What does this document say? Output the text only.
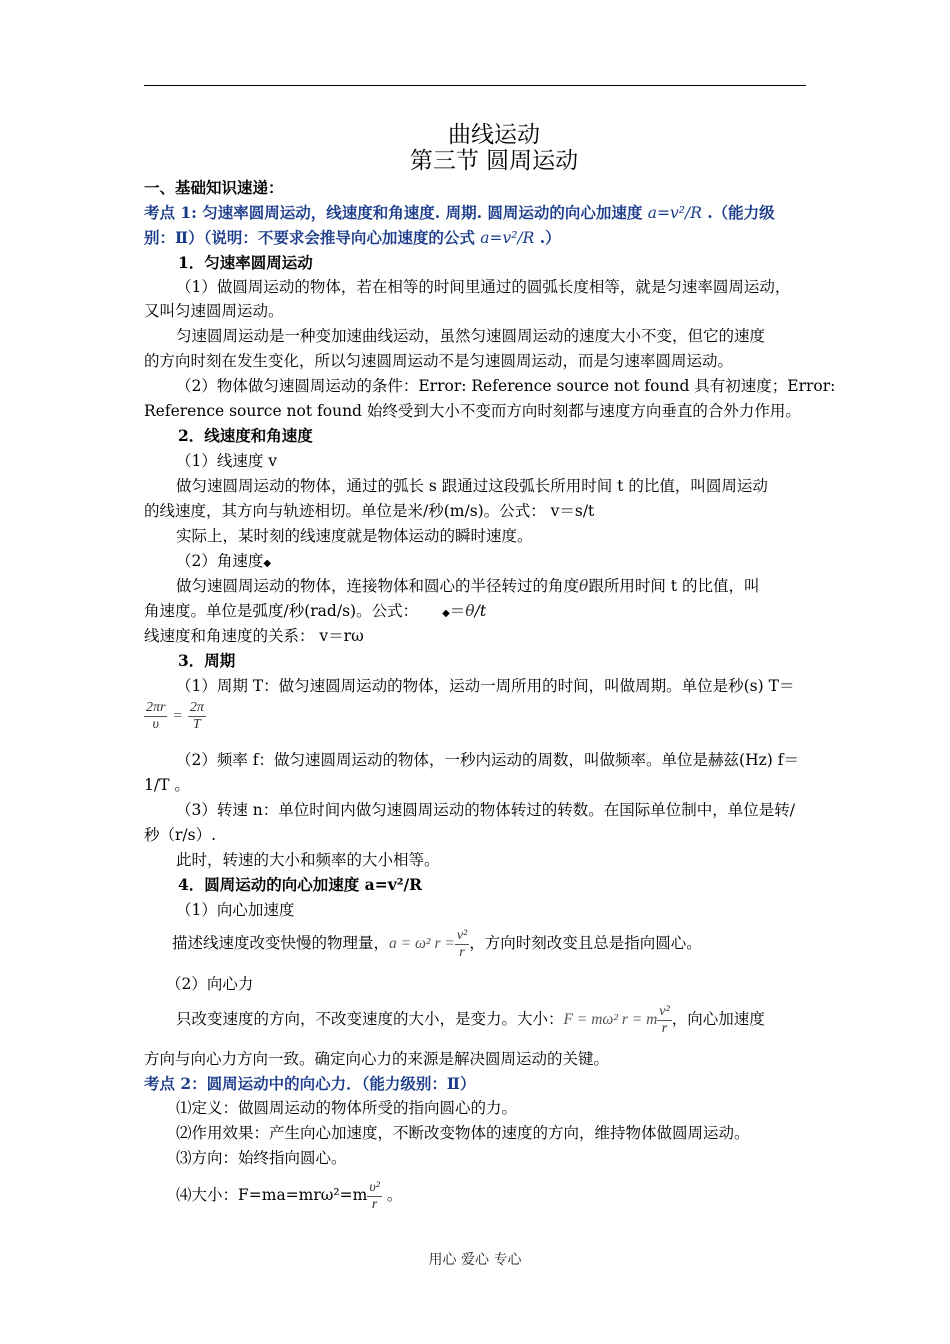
曲线运动
第三节 圆周运动
一、基础知识速递：
考点 1: 匀速率圆周运动，线速度和角速度. 周期. 圆周运动的向心加速度 a=v²/R .（能力级
别：Ⅱ）（说明：不要求会推导向心加速度的公式 a=v²/R .）
1．匀速率圆周运动
（1）做圆周运动的物体，若在相等的时间里通过的圆弧长度相等，就是匀速率圆周运动，
又叫匀速圆周运动。
匀速圆周运动是一种变加速曲线运动，虽然匀速圆周运动的速度大小不变，但它的速度
的方向时刻在发生变化，所以匀速圆周运动不是匀速圆周运动，而是匀速率圆周运动。
（2）物体做匀速圆周运动的条件：Error: Reference source not found 具有初速度；Error:
Reference source not found 始终受到大小不变而方向时刻都与速度方向垂直的合外力作用。
2．线速度和角速度
（1）线速度 v
做匀速圆周运动的物体，通过的弧长 s 跟通过这段弧长所用时间 t 的比值，叫圆周运动
的线速度，其方向与轨迹相切。单位是米/秒(m/s)。公式： v＝s/t
实际上，某时刻的线速度就是物体运动的瞬时速度。
（2）角速度◆
做匀速圆周运动的物体，连接物体和圆心的半径转过的角度θ跟所用时间 t 的比值，叫
角速度。单位是弧度/秒(rad/s)。公式： ◆＝θ/t
线速度和角速度的关系： v＝rω
3．周期
（1）周期 T：做匀速圆周运动的物体，运动一周所用的时间，叫做周期。单位是秒(s) T＝
$\frac{2\pi r}{\upsilon} = \frac{2\pi}{T}$
（2）频率 f：做匀速圆周运动的物体，一秒内运动的周数，叫做频率。单位是赫兹(Hz) f＝
1/T 。
（3）转速 n：单位时间内做匀速圆周运动的物体转过的转数。在国际单位制中，单位是转/
秒（r/s）.
此时，转速的大小和频率的大小相等。
4．圆周运动的向心加速度 a=v²/R
（1）向心加速度
描述线速度改变快慢的物理量，a = ω² $r = \frac{\text{v²}}{r}$ ，方向时刻改变且总是指向圆心。
（2）向心力
只改变速度的方向，不改变速度的大小，是变力。大小：F = mω² r = m $\frac{\text{v²}}{r}$ ，向心加速度
方向与向心力方向一致。确定向心力的来源是解决圆周运动的关键。
考点 2：圆周运动中的向心力．（能力级别：Ⅱ）
⑴定义：做圆周运动的物体所受的指向圆心的力。
⑵作用效果：产生向心加速度，不断改变物体的速度的方向，维持物体做圆周运动。
⑶方向：始终指向圆心。
⑷大小：$F=ma=mr\omega^2=m \frac{\text{υ²}}{r}$ 。
用心 爱心 专心
